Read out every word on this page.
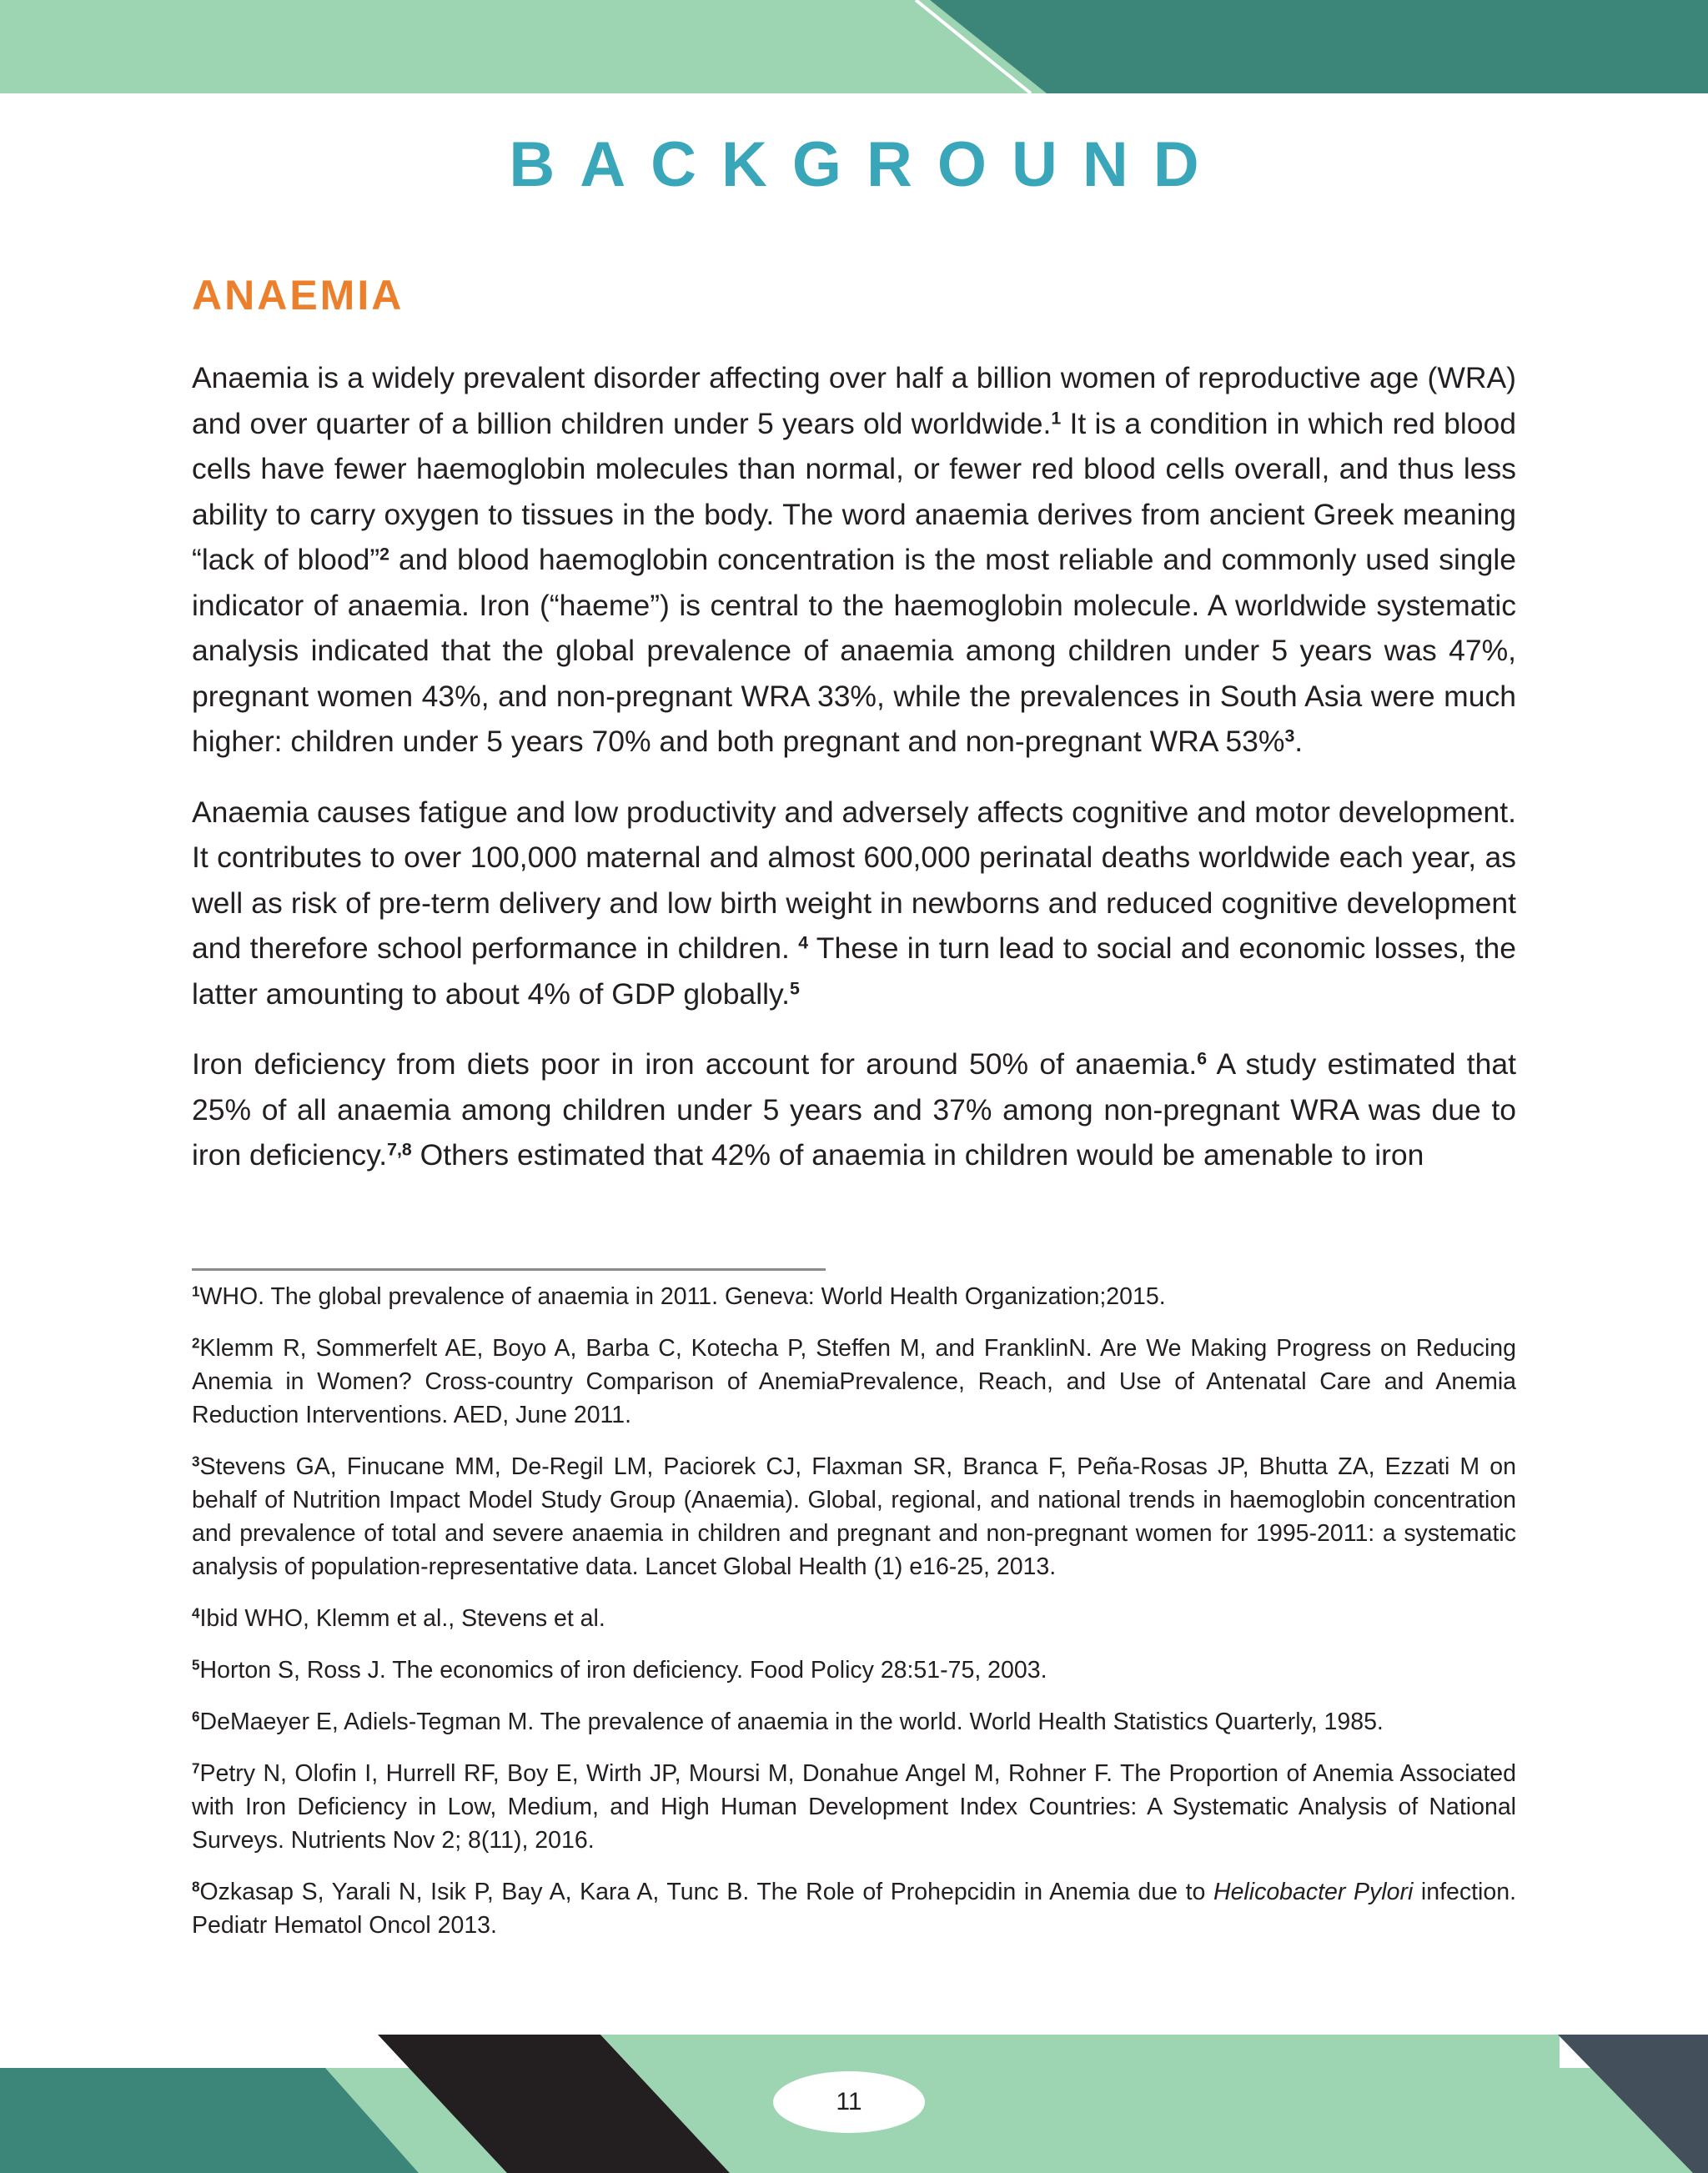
BACKGROUND
ANAEMIA

Anaemia is a widely prevalent disorder affecting over half a billion women of reproductive age (WRA) and over quarter of a billion children under 5 years old worldwide.$^1$ It is a condition in which red blood cells have fewer haemoglobin molecules than normal, or fewer red blood cells overall, and thus less ability to carry oxygen to tissues in the body. The word anaemia derives from ancient Greek meaning “lack of blood”$^2$ and blood haemoglobin concentration is the most reliable and commonly used single indicator of anaemia. Iron (“haeme”) is central to the haemoglobin molecule. A worldwide systematic analysis indicated that the global prevalence of anaemia among children under 5 years was 47%, pregnant women 43%, and non-pregnant WRA 33%, while the prevalences in South Asia were much higher: children under 5 years 70% and both pregnant and non-pregnant WRA 53%$^3$.

Anaemia causes fatigue and low productivity and adversely affects cognitive and motor development. It contributes to over 100,000 maternal and almost 600,000 perinatal deaths worldwide each year, as well as risk of pre-term delivery and low birth weight in newborns and reduced cognitive development and therefore school performance in children. $^4$ These in turn lead to social and economic losses, the latter amounting to about 4% of GDP globally.$^5$

Iron deficiency from diets poor in iron account for around 50% of anaemia.$^6$ A study estimated that 25% of all anaemia among children under 5 years and 37% among non-pregnant WRA was due to iron deficiency.$^{7,8}$ Others estimated that 42% of anaemia in children would be amenable to iron

$^1$WHO. The global prevalence of anaemia in 2011. Geneva: World Health Organization;2015.
$^2$Klemm R, Sommerfelt AE, Boyo A, Barba C, Kotecha P, Steffen M, and FranklinN. Are We Making Progress on Reducing Anemia in Women? Cross-country Comparison of AnemiaPrevalence, Reach, and Use of Antenatal Care and Anemia Reduction Interventions. AED, June 2011.
$^3$Stevens GA, Finucane MM, De-Regil LM, Paciorek CJ, Flaxman SR, Branca F, Peña-Rosas JP, Bhutta ZA, Ezzati M on behalf of Nutrition Impact Model Study Group (Anaemia). Global, regional, and national trends in haemoglobin concentration and prevalence of total and severe anaemia in children and pregnant and non-pregnant women for 1995-2011: a systematic analysis of population-representative data. Lancet Global Health (1) e16-25, 2013.
$^4$Ibid WHO, Klemm et al., Stevens et al.
$^5$Horton S, Ross J. The economics of iron deficiency. Food Policy 28:51-75, 2003.
$^6$DeMaeyer E, Adiels-Tegman M. The prevalence of anaemia in the world. World Health Statistics Quarterly, 1985.
$^7$Petry N, Olofin I, Hurrell RF, Boy E, Wirth JP, Moursi M, Donahue Angel M, Rohner F. The Proportion of Anemia Associated with Iron Deficiency in Low, Medium, and High Human Development Index Countries: A Systematic Analysis of National Surveys. Nutrients Nov 2; 8(11), 2016.
$^8$Ozkasap S, Yarali N, Isik P, Bay A, Kara A, Tunc B. The Role of Prohepcidin in Anemia due to Helicobacter Pylori infection. Pediatr Hematol Oncol 2013.
11
